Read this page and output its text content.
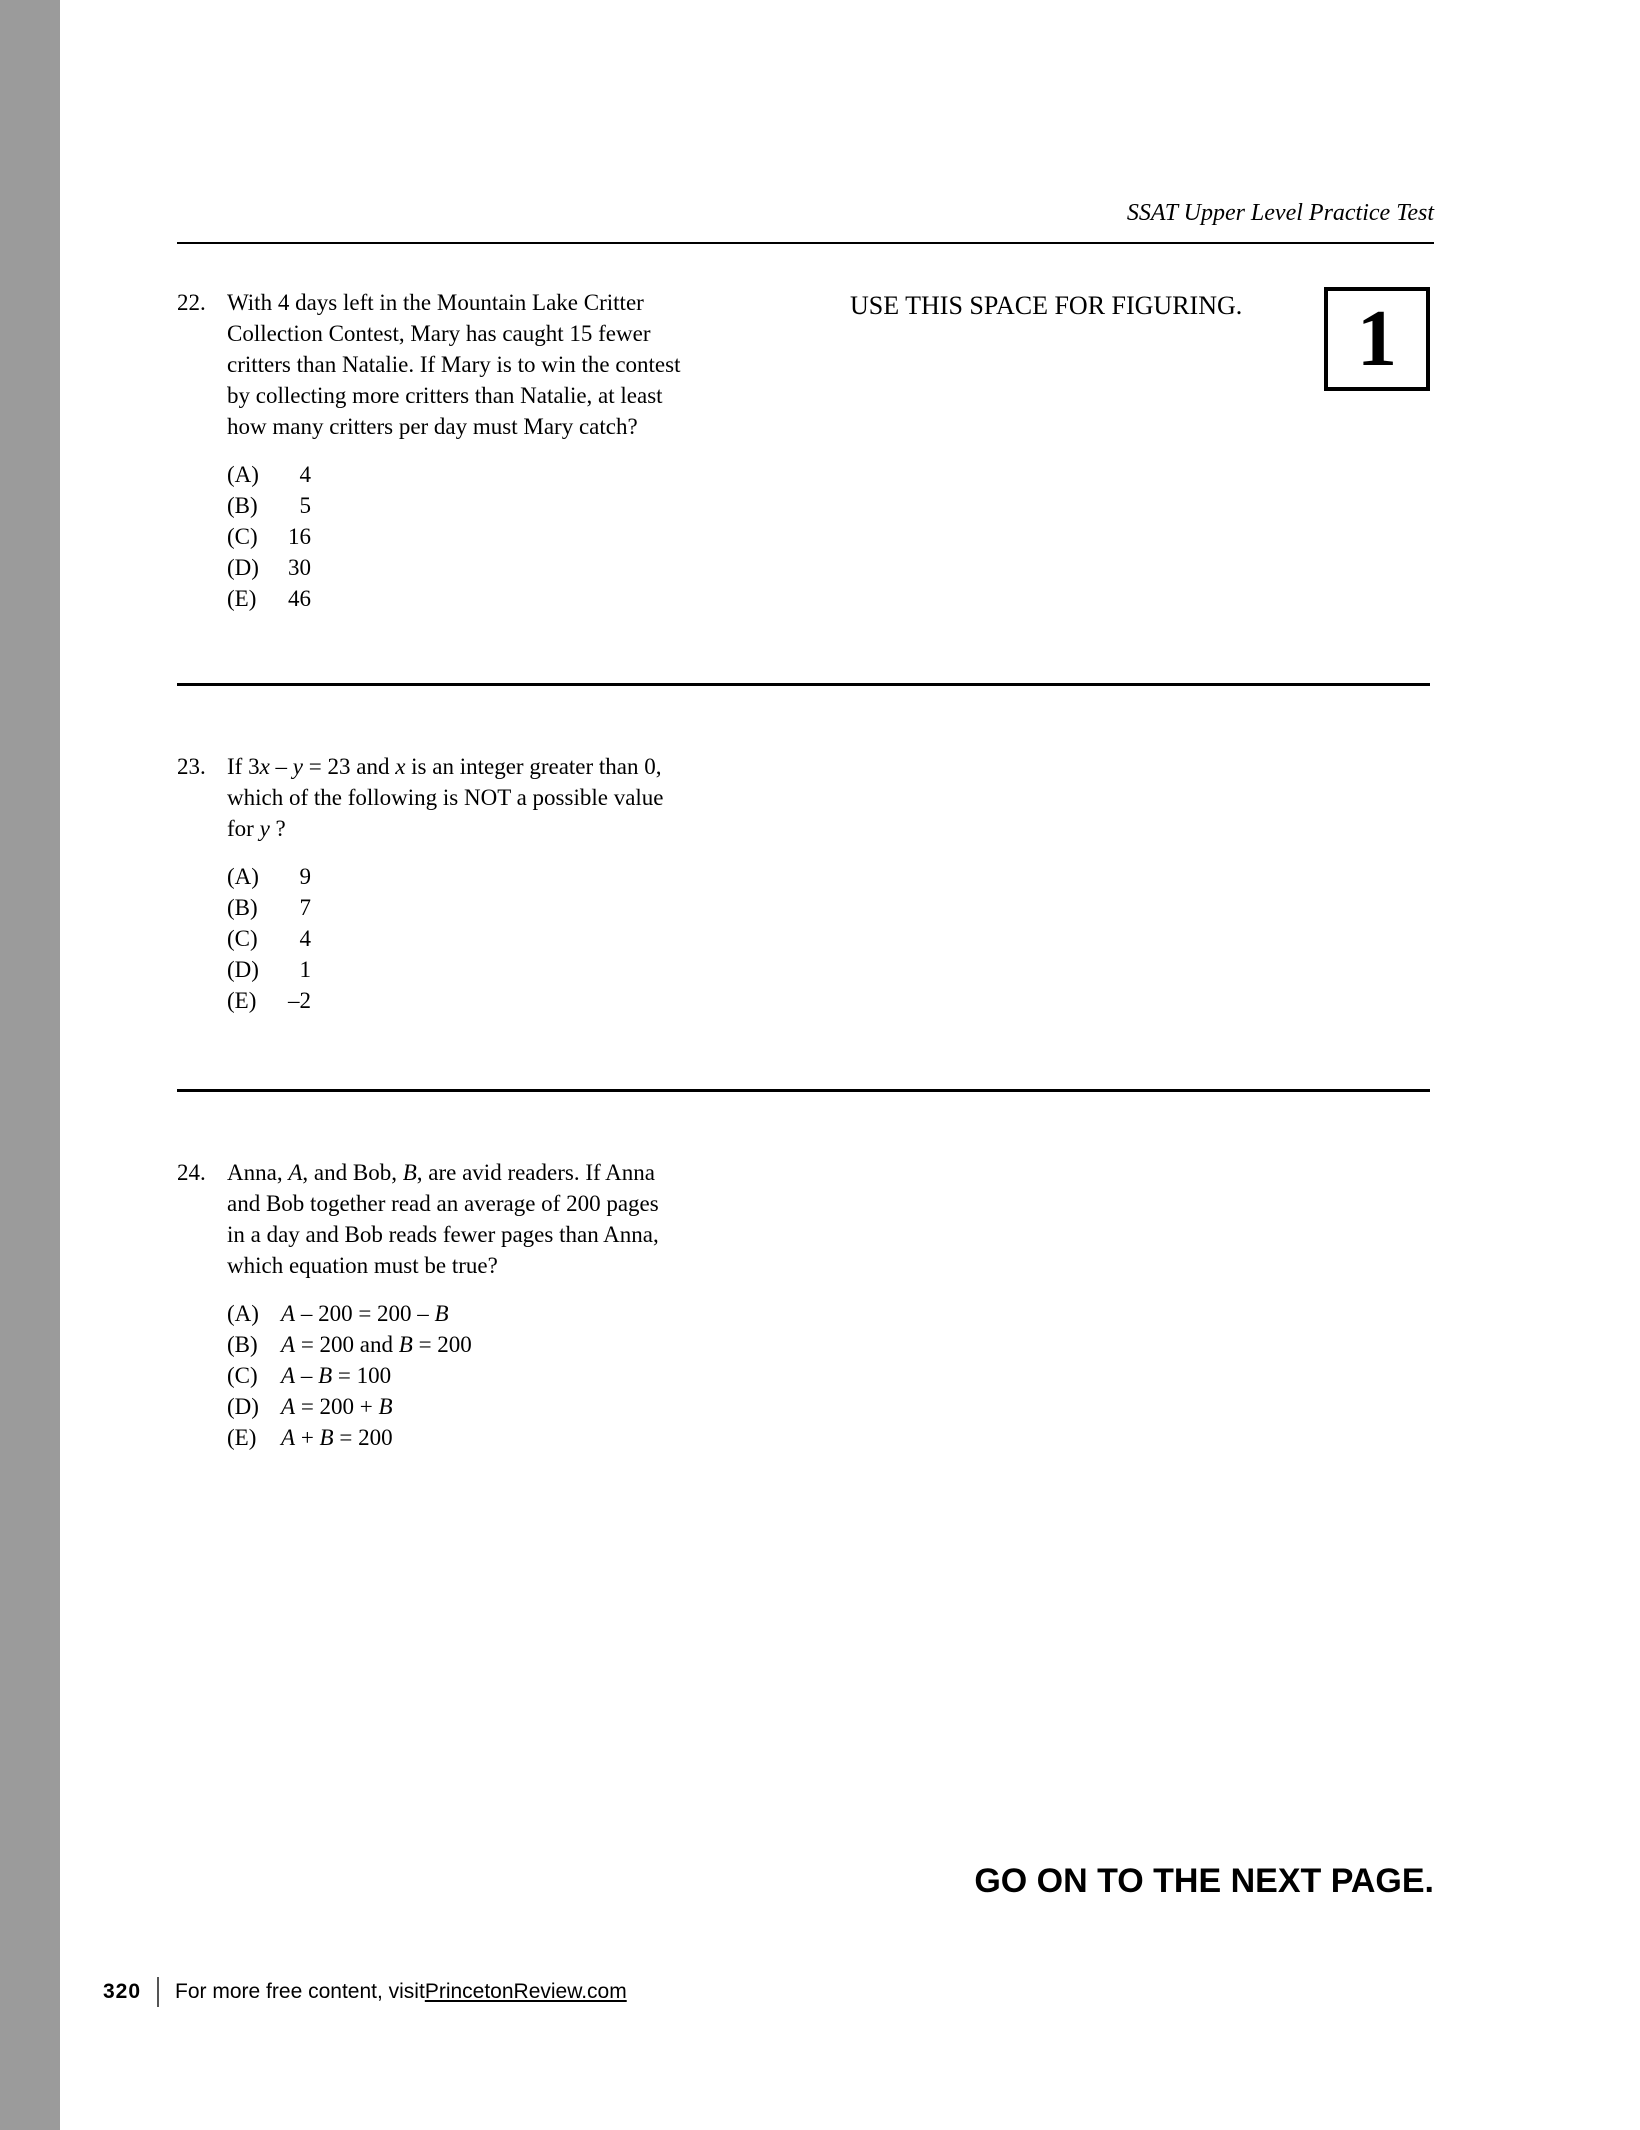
SSAT Upper Level Practice Test
USE THIS SPACE FOR FIGURING. 1
22. With 4 days left in the Mountain Lake Critter
Collection Contest, Mary has caught 15 fewer
critters than Natalie. If Mary is to win the contest
by collecting more critters than Natalie, at least
how many critters per day must Mary catch?
(A)	4
(B)	5
(C)	16
(D)	30
(E)	46
23. If 3x – y = 23 and x is an integer greater than 0,
which of the following is NOT a possible value
for y ?
(A)	9
(B)	7
(C)	4
(D)	1
(E)	–2
24. Anna, A, and Bob, B, are avid readers. If Anna
and Bob together read an average of 200 pages
in a day and Bob reads fewer pages than Anna,
which equation must be true?
(A) A – 200 = 200 – B
(B)	A = 200 and B = 200
(C)	A – B = 100
(D) A = 200 + B
(E)	A + B = 200
GO ON TO THE NEXT PAGE.
320 For more free content, visit PrincetonReview.com
